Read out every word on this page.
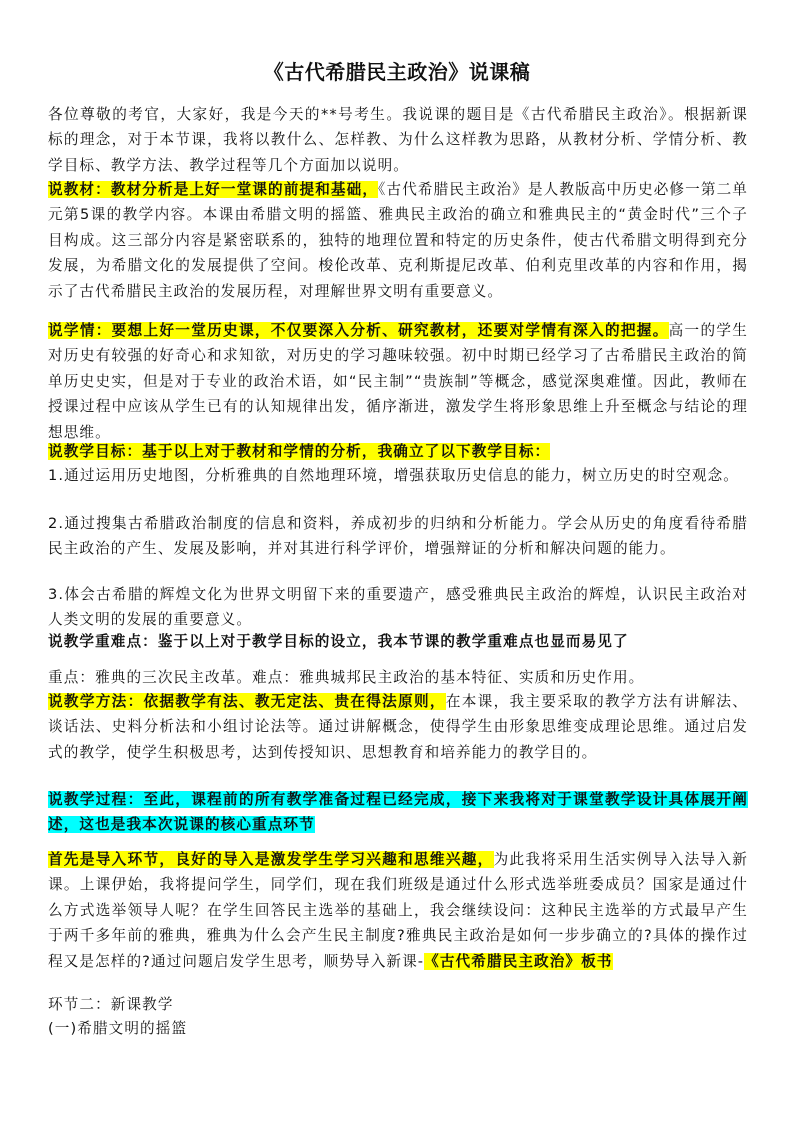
《古代希腊民主政治》说课稿

各位尊敬的考官，大家好，我是今天的**号考生。我说课的题目是《古代希腊民主政治》。根据新课标的理念，对于本节课，我将以教什么、怎样教、为什么这样教为思路，从教材分析、学情分析、教学目标、教学方法、教学过程等几个方面加以说明。

说教材：教材分析是上好一堂课的前提和基础，《古代希腊民主政治》是人教版高中历史必修一第二单元第5课的教学内容。本课由希腊文明的摇篮、雅典民主政治的确立和雅典民主的“黄金时代”三个子目构成。这三部分内容是紧密联系的，独特的地理位置和特定的历史条件，使古代希腊文明得到充分发展，为希腊文化的发展提供了空间。梭伦改革、克利斯提尼改革、伯利克里改革的内容和作用，揭示了古代希腊民主政治的发展历程，对理解世界文明有重要意义。

说学情：要想上好一堂历史课，不仅要深入分析、研究教材，还要对学情有深入的把握。高一的学生对历史有较强的好奇心和求知欲，对历史的学习趣味较强。初中时期已经学习了古希腊民主政治的简单历史史实，但是对于专业的政治术语，如“民主制”“贵族制”等概念，感觉深奥难懂。因此，教师在授课过程中应该从学生已有的认知规律出发，循序渐进，激发学生将形象思维上升至概念与结论的理想思维。

说教学目标：基于以上对于教材和学情的分析，我确立了以下教学目标：

1.通过运用历史地图，分析雅典的自然地理环境，增强获取历史信息的能力，树立历史的时空观念。

2.通过搜集古希腊政治制度的信息和资料，养成初步的归纳和分析能力。学会从历史的角度看待希腊民主政治的产生、发展及影响，并对其进行科学评价，增强辩证的分析和解决问题的能力。

3.体会古希腊的辉煌文化为世界文明留下来的重要遗产，感受雅典民主政治的辉煌，认识民主政治对人类文明的发展的重要意义。

说教学重难点：鉴于以上对于教学目标的设立，我本节课的教学重难点也显而易见了

重点：雅典的三次民主改革。难点：雅典城邦民主政治的基本特征、实质和历史作用。

说教学方法：依据教学有法、教无定法、贵在得法原则，在本课，我主要采取的教学方法有讲解法、谈话法、史料分析法和小组讨论法等。通过讲解概念，使得学生由形象思维变成理论思维。通过启发式的教学，使学生积极思考，达到传授知识、思想教育和培养能力的教学目的。

说教学过程：至此，课程前的所有教学准备过程已经完成，接下来我将对于课堂教学设计具体展开阐述，这也是我本次说课的核心重点环节

首先是导入环节，良好的导入是激发学生学习兴趣和思维兴趣，为此我将采用生活实例导入法导入新课。上课伊始，我将提问学生，同学们，现在我们班级是通过什么形式选举班委成员？国家是通过什么方式选举领导人呢？在学生回答民主选举的基础上，我会继续设问：这种民主选举的方式最早产生于两千多年前的雅典，雅典为什么会产生民主制度?雅典民主政治是如何一步步确立的?具体的操作过程又是怎样的?通过问题启发学生思考，顺势导入新课-《古代希腊民主政治》板书

环节二：新课教学

(一)希腊文明的摇篮
